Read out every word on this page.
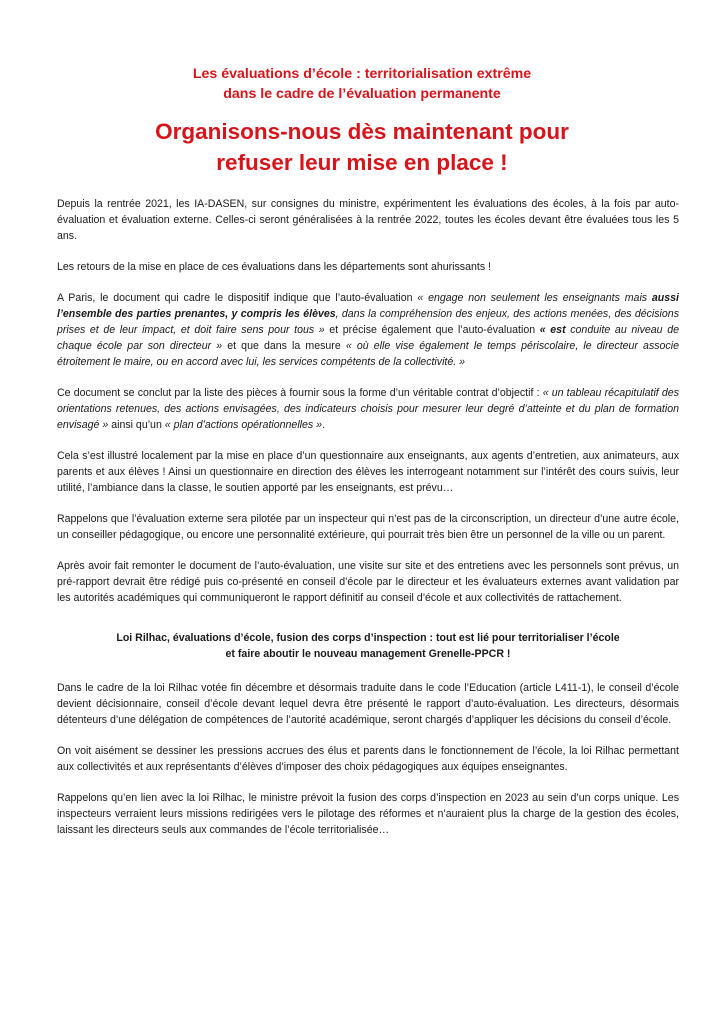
Les évaluations d’école : territorialisation extrême
dans le cadre de l’évaluation permanente
Organisons-nous dès maintenant pour
refuser leur mise en place !

Depuis la rentrée 2021, les IA-DASEN, sur consignes du ministre, expérimentent les évaluations des écoles, à la fois par auto-évaluation et évaluation externe. Celles-ci seront généralisées à la rentrée 2022, toutes les écoles devant être évaluées tous les 5 ans.

Les retours de la mise en place de ces évaluations dans les départements sont ahurissants !

A Paris, le document qui cadre le dispositif indique que l’auto-évaluation « engage non seulement les enseignants mais aussi l’ensemble des parties prenantes, y compris les élèves, dans la compréhension des enjeux, des actions menées, des décisions prises et de leur impact, et doit faire sens pour tous » et précise également que l’auto-évaluation « est conduite au niveau de chaque école par son directeur » et que dans la mesure « où elle vise également le temps périscolaire, le directeur associe étroitement le maire, ou en accord avec lui, les services compétents de la collectivité. »

Ce document se conclut par la liste des pièces à fournir sous la forme d’un véritable contrat d’objectif : « un tableau récapitulatif des orientations retenues, des actions envisagées, des indicateurs choisis pour mesurer leur degré d’atteinte et du plan de formation envisagé » ainsi qu’un « plan d’actions opérationnelles ».

Cela s’est illustré localement par la mise en place d’un questionnaire aux enseignants, aux agents d’entretien, aux animateurs, aux parents et aux élèves ! Ainsi un questionnaire en direction des élèves les interrogeant notamment sur l’intérêt des cours suivis, leur utilité, l’ambiance dans la classe, le soutien apporté par les enseignants, est prévu…

Rappelons que l’évaluation externe sera pilotée par un inspecteur qui n’est pas de la circonscription, un directeur d’une autre école, un conseiller pédagogique, ou encore une personnalité extérieure, qui pourrait très bien être un personnel de la ville ou un parent.

Après avoir fait remonter le document de l’auto-évaluation, une visite sur site et des entretiens avec les personnels sont prévus, un pré-rapport devrait être rédigé puis co-présenté en conseil d’école par le directeur et les évaluateurs externes avant validation par les autorités académiques qui communiqueront le rapport définitif au conseil d’école et aux collectivités de rattachement.

Loi Rilhac, évaluations d’école, fusion des corps d’inspection : tout est lié pour territorialiser l’école
et faire aboutir le nouveau management Grenelle-PPCR !

Dans le cadre de la loi Rilhac votée fin décembre et désormais traduite dans le code l’Education (article L411-1), le conseil d’école devient décisionnaire, conseil d’école devant lequel devra être présenté le rapport d’auto-évaluation. Les directeurs, désormais détenteurs d’une délégation de compétences de l’autorité académique, seront chargés d’appliquer les décisions du conseil d’école.

On voit aisément se dessiner les pressions accrues des élus et parents dans le fonctionnement de l’école, la loi Rilhac permettant aux collectivités et aux représentants d’élèves d’imposer des choix pédagogiques aux équipes enseignantes.

Rappelons qu’en lien avec la loi Rilhac, le ministre prévoit la fusion des corps d’inspection en 2023 au sein d’un corps unique. Les inspecteurs verraient leurs missions redirigées vers le pilotage des réformes et n’auraient plus la charge de la gestion des écoles, laissant les directeurs seuls aux commandes de l’école territorialisée…
